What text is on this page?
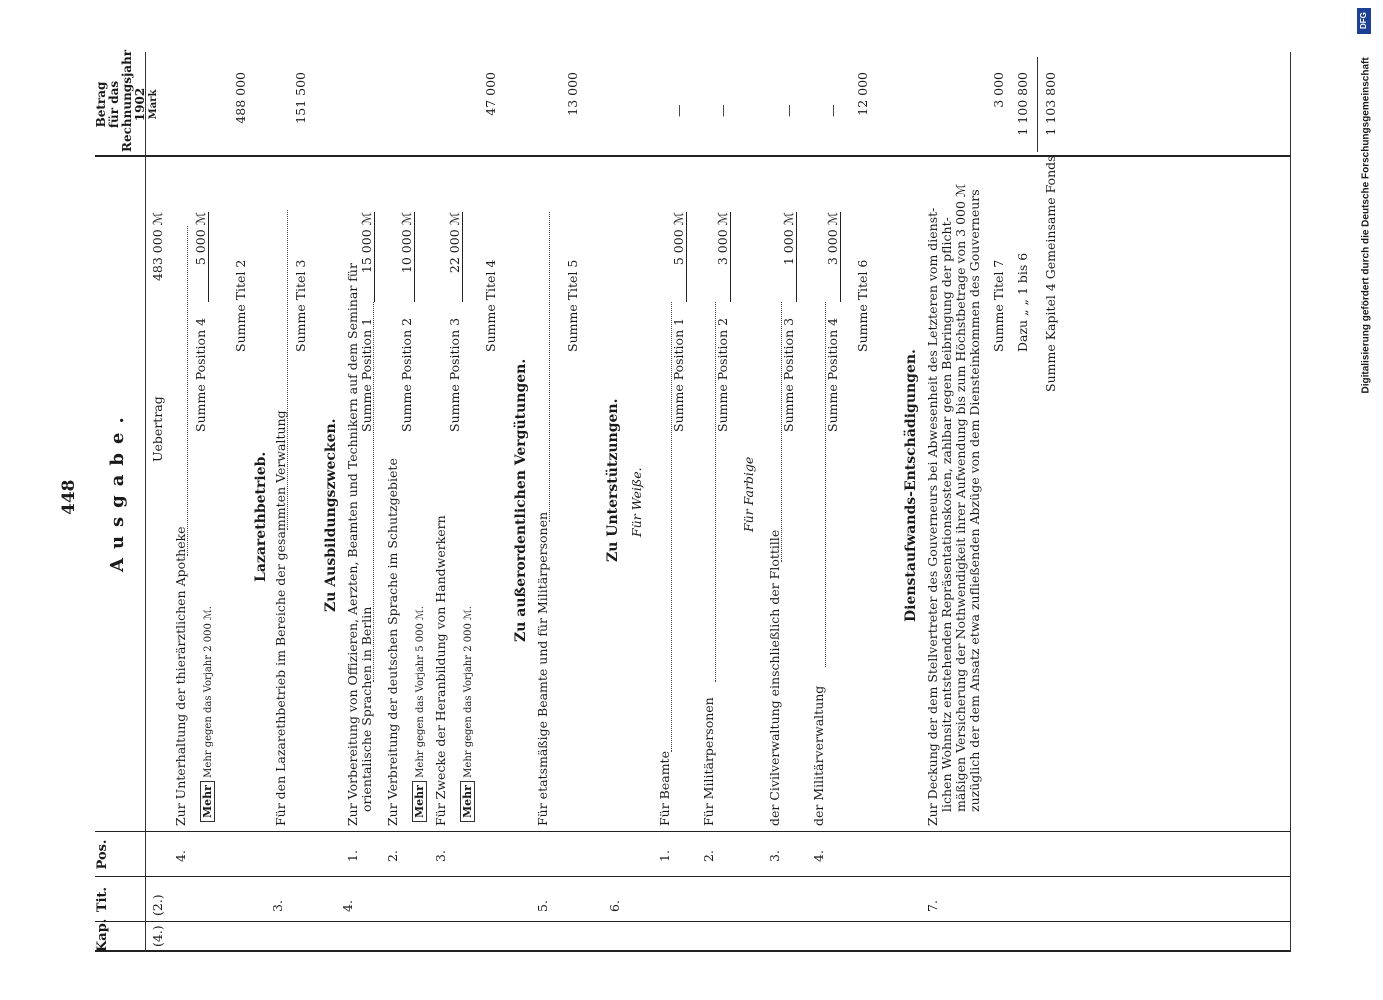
448
DFG
Digitalisierung gefördert durch die Deutsche Forschungsgemeinschaft
Kap.
Tit.
Pos.
Betrag für das Rechnungsjahr 1902 Mark
Ausgabe.
(4.)
(2.)
Uebertrag
483 000 ℳ
4.
Zur Unterhaltung der thierärztlichen Apotheke
Summe Position 4
5 000 ℳ
Mehr Mehr gegen das Vorjahr 2 000 ℳ.
Summe Titel 2
488 000
3.
Lazarethbetrieb. Für den Lazarethbetrieb im Bereiche der gesammten Verwaltung
Summe Titel 3
151 500
4.
Zu Ausbildungszwecken.
1.
Zur Vorbereitung von Offizieren, Aerzten, Beamten und Technikern auf dem Seminar für orientalische Sprachen in Berlin
Summe Position 1
15 000 ℳ
2.
Zur Verbreitung der deutschen Sprache im Schutzgebiete
Summe Position 2
10 000 ℳ
Mehr Mehr gegen das Vorjahr 5 000 ℳ.
3.
Für Zwecke der Heranbildung von Handwerkern
Summe Position 3
22 000 ℳ
Mehr Mehr gegen das Vorjahr 2 000 ℳ.
Summe Titel 4
47 000
5.
Zu außerordentlichen Vergütungen.
Für etatsmäßige Beamte und für Militärpersonen
Summe Titel 5
13 000
6.
Zu Unterstützungen. Für Weiße.
1.
Für Beamte
Summe Position 1
5 000 ℳ
—
2.
Für Militärpersonen
Summe Position 2
3 000 ℳ
—
Für Farbige
3.
der Civilverwaltung einschließlich der Flottille
Summe Position 3
1 000 ℳ
—
4.
der Militärverwaltung
Summe Position 4
3 000 ℳ
—
Summe Titel 6
12 000
7.
Dienstaufwands-Entschädigungen. Zur Deckung der dem Stellvertreter des Gouverneurs bei Abwesenheit des Letzteren vom dienst- lichen Wohnsitz entstehenden Repräsentationskosten, zahlbar gegen Beibringung der pflicht- mäßigen Versicherung der Nothwendigkeit ihrer Aufwendung bis zum Höchstbetrage von 3 000 ℳ zuzüglich der dem Ansatz etwa zufließenden Abzüge von dem Diensteinkommen des Gouverneurs Summe Titel 7
3 000
Dazu „ „ 1 bis 6
1 100 800
Summe Kapitel 4 Gemeinsame Fonds
1 103 800
